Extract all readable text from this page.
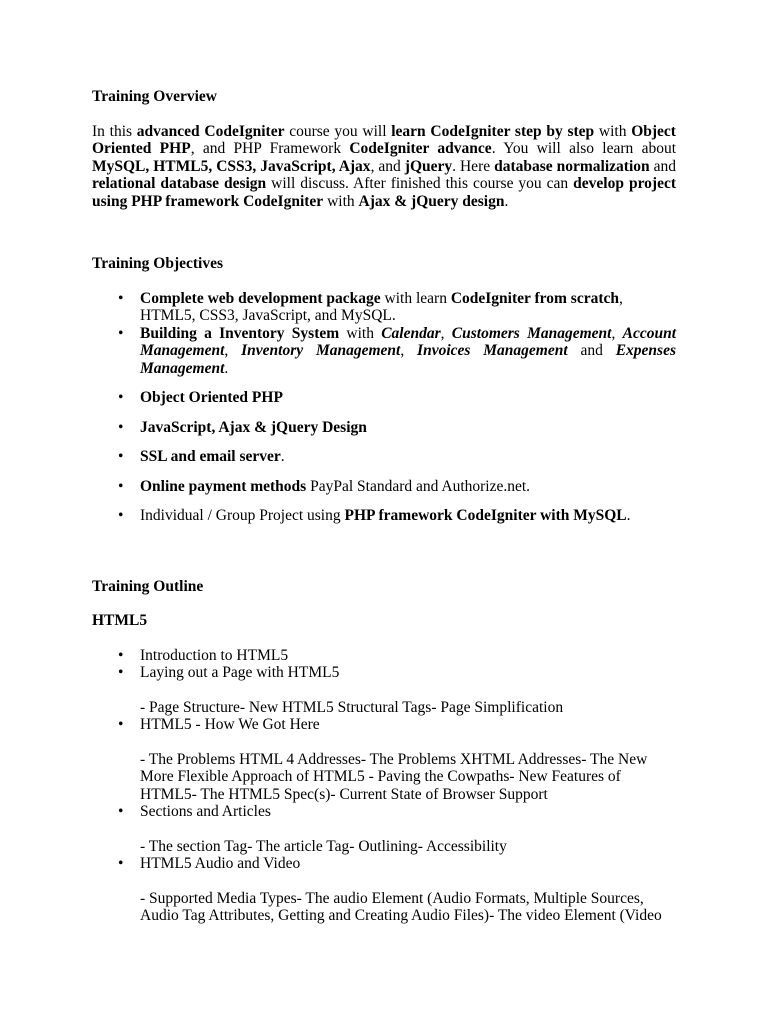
Training Overview

In this advanced CodeIgniter course you will learn CodeIgniter step by step with Object Oriented PHP, and PHP Framework CodeIgniter advance. You will also learn about MySQL, HTML5, CSS3, JavaScript, Ajax, and jQuery. Here database normalization and relational database design will discuss. After finished this course you can develop project using PHP framework CodeIgniter with Ajax & jQuery design.

Training Objectives

• Complete web development package with learn CodeIgniter from scratch, HTML5, CSS3, JavaScript, and MySQL.
• Building a Inventory System with Calendar, Customers Management, Account Management, Inventory Management, Invoices Management and Expenses Management.
• Object Oriented PHP
• JavaScript, Ajax & jQuery Design
• SSL and email server.
• Online payment methods PayPal Standard and Authorize.net.
• Individual / Group Project using PHP framework CodeIgniter with MySQL.

Training Outline

HTML5

• Introduction to HTML5
• Laying out a Page with HTML5

- Page Structure- New HTML5 Structural Tags- Page Simplification

• HTML5 - How We Got Here

- The Problems HTML 4 Addresses- The Problems XHTML Addresses- The New More Flexible Approach of HTML5 - Paving the Cowpaths- New Features of HTML5- The HTML5 Spec(s)- Current State of Browser Support

• Sections and Articles

- The section Tag- The article Tag- Outlining- Accessibility

• HTML5 Audio and Video

- Supported Media Types- The audio Element (Audio Formats, Multiple Sources, Audio Tag Attributes, Getting and Creating Audio Files)- The video Element (Video
